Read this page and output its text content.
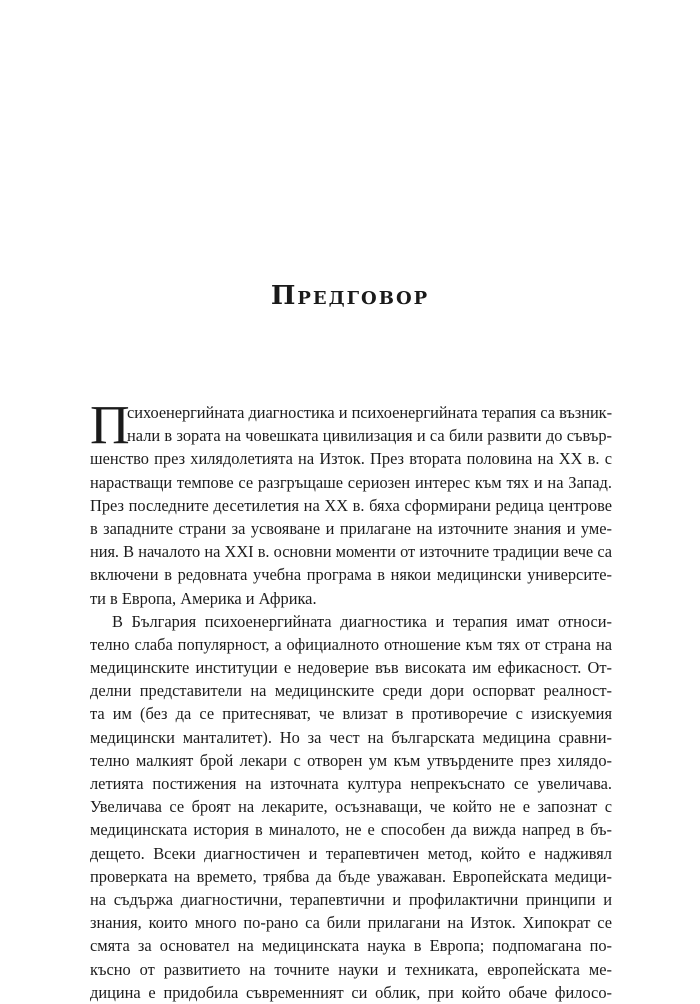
Предговор
П
сихоенергийната диагностика и психоенергийната терапия са възник-
нали в зората на човешката цивилизация и са били развити до съвър-
шенство през хилядолетията на Изток. През втората половина на XX в. с
нарастващи темпове се разгръщаше сериозен интерес към тях и на Запад.
През последните десетилетия на XX в. бяха сформирани редица центрове
в западните страни за усвояване и прилагане на източните знания и уме-
ния. В началото на XXI в. основни моменти от източните традиции вече са
включени в редовната учебна програма в някои медицински университе-
ти в Европа, Америка и Африка.
В България психоенергийната диагностика и терапия имат относи-
телно слаба популярност, а официалното отношение към тях от страна на
медицинските институции е недоверие във високата им ефикасност. От-
делни представители на медицинските среди дори оспорват реалност-
та им (без да се притесняват, че влизат в противоречие с изискуемия
медицински манталитет). Но за чест на българската медицина сравни-
телно малкият брой лекари с отворен ум към утвърдените през хилядо-
летията постижения на източната култура непрекъснато се увеличава.
Увеличава се броят на лекарите, осъзнаващи, че който не е запознат с
медицинската история в миналото, не е способен да вижда напред в бъ-
дещето. Всеки диагностичен и терапевтичен метод, който е надживял
проверката на времето, трябва да бъде уважаван. Европейската медици-
на съдържа диагностични, терапевтични и профилактични принципи и
знания, които много по-рано са били прилагани на Изток. Хипократ се
смята за основател на медицинската наука в Европа; подпомагана по-
късно от развитието на точните науки и техниката, европейската ме-
дицина е придобила съвременният си облик, при който обаче филосо-
